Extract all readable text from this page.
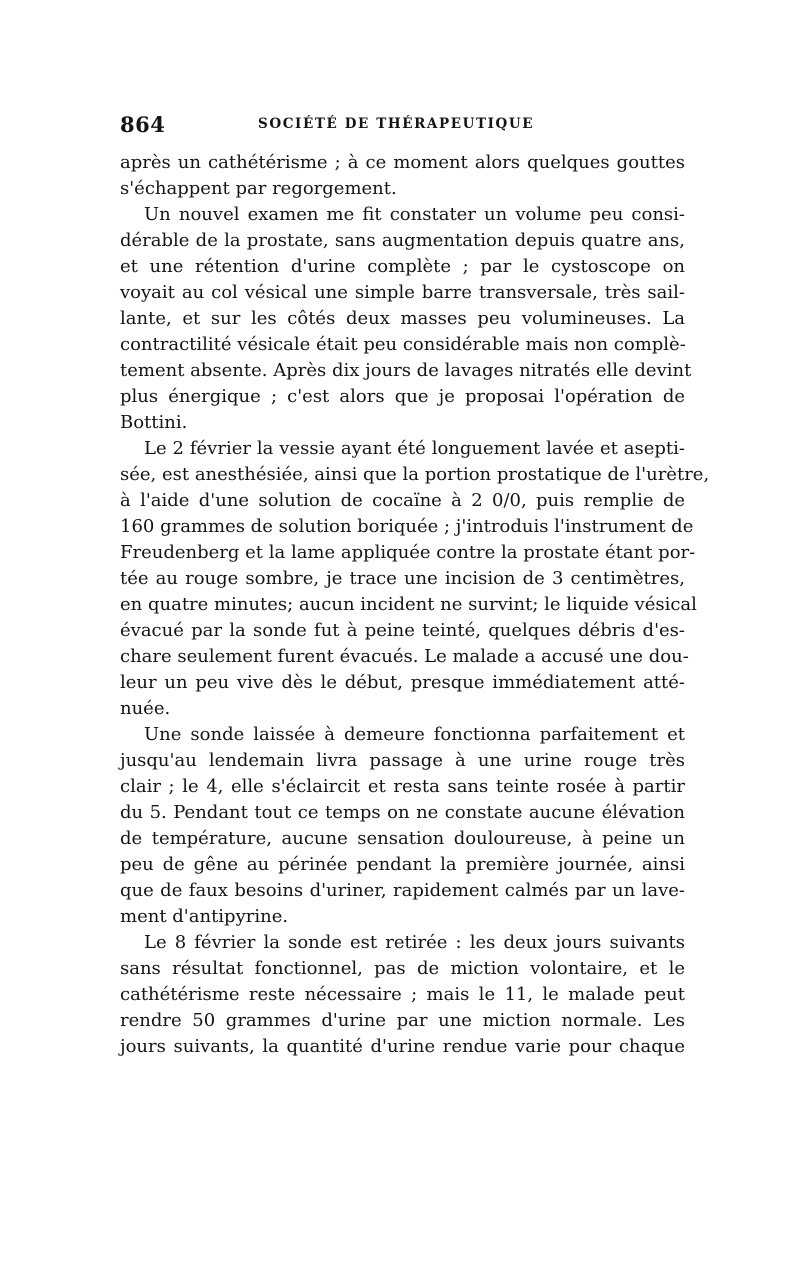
864	SOCIÉTÉ DE THÉRAPEUTIQUE
après un cathétérisme ; à ce moment alors quelques gouttes
s'échappent par regorgement.
Un nouvel examen me fit constater un volume peu consi-
dérable de la prostate, sans augmentation depuis quatre ans,
et une rétention d'urine complète ; par le cystoscope on
voyait au col vésical une simple barre transversale, très sail-
lante, et sur les côtés deux masses peu volumineuses. La
contractilité vésicale était peu considérable mais non complè-
tement absente. Après dix jours de lavages nitratés elle devint
plus énergique ; c'est alors que je proposai l'opération de
Bottini.
Le 2 février la vessie ayant été longuement lavée et asepti-
sée, est anesthésiée, ainsi que la portion prostatique de l'urètre,
à l'aide d'une solution de cocaïne à 2 0/0, puis remplie de
160 grammes de solution boriquée ; j'introduis l'instrument de
Freudenberg et la lame appliquée contre la prostate étant por-
tée au rouge sombre, je trace une incision de 3 centimètres,
en quatre minutes; aucun incident ne survint; le liquide vésical
évacué par la sonde fut à peine teinté, quelques débris d'es-
chare seulement furent évacués. Le malade a accusé une dou-
leur un peu vive dès le début, presque immédiatement atté-
nuée.
Une sonde laissée à demeure fonctionna parfaitement et
jusqu'au lendemain livra passage à une urine rouge très
clair ; le 4, elle s'éclaircit et resta sans teinte rosée à partir
du 5. Pendant tout ce temps on ne constate aucune élévation
de température, aucune sensation douloureuse, à peine un
peu de gêne au périnée pendant la première journée, ainsi
que de faux besoins d'uriner, rapidement calmés par un lave-
ment d'antipyrine.
Le 8 février la sonde est retirée : les deux jours suivants
sans résultat fonctionnel, pas de miction volontaire, et le
cathétérisme reste nécessaire ; mais le 11, le malade peut
rendre 50 grammes d'urine par une miction normale. Les
jours suivants, la quantité d'urine rendue varie pour chaque
